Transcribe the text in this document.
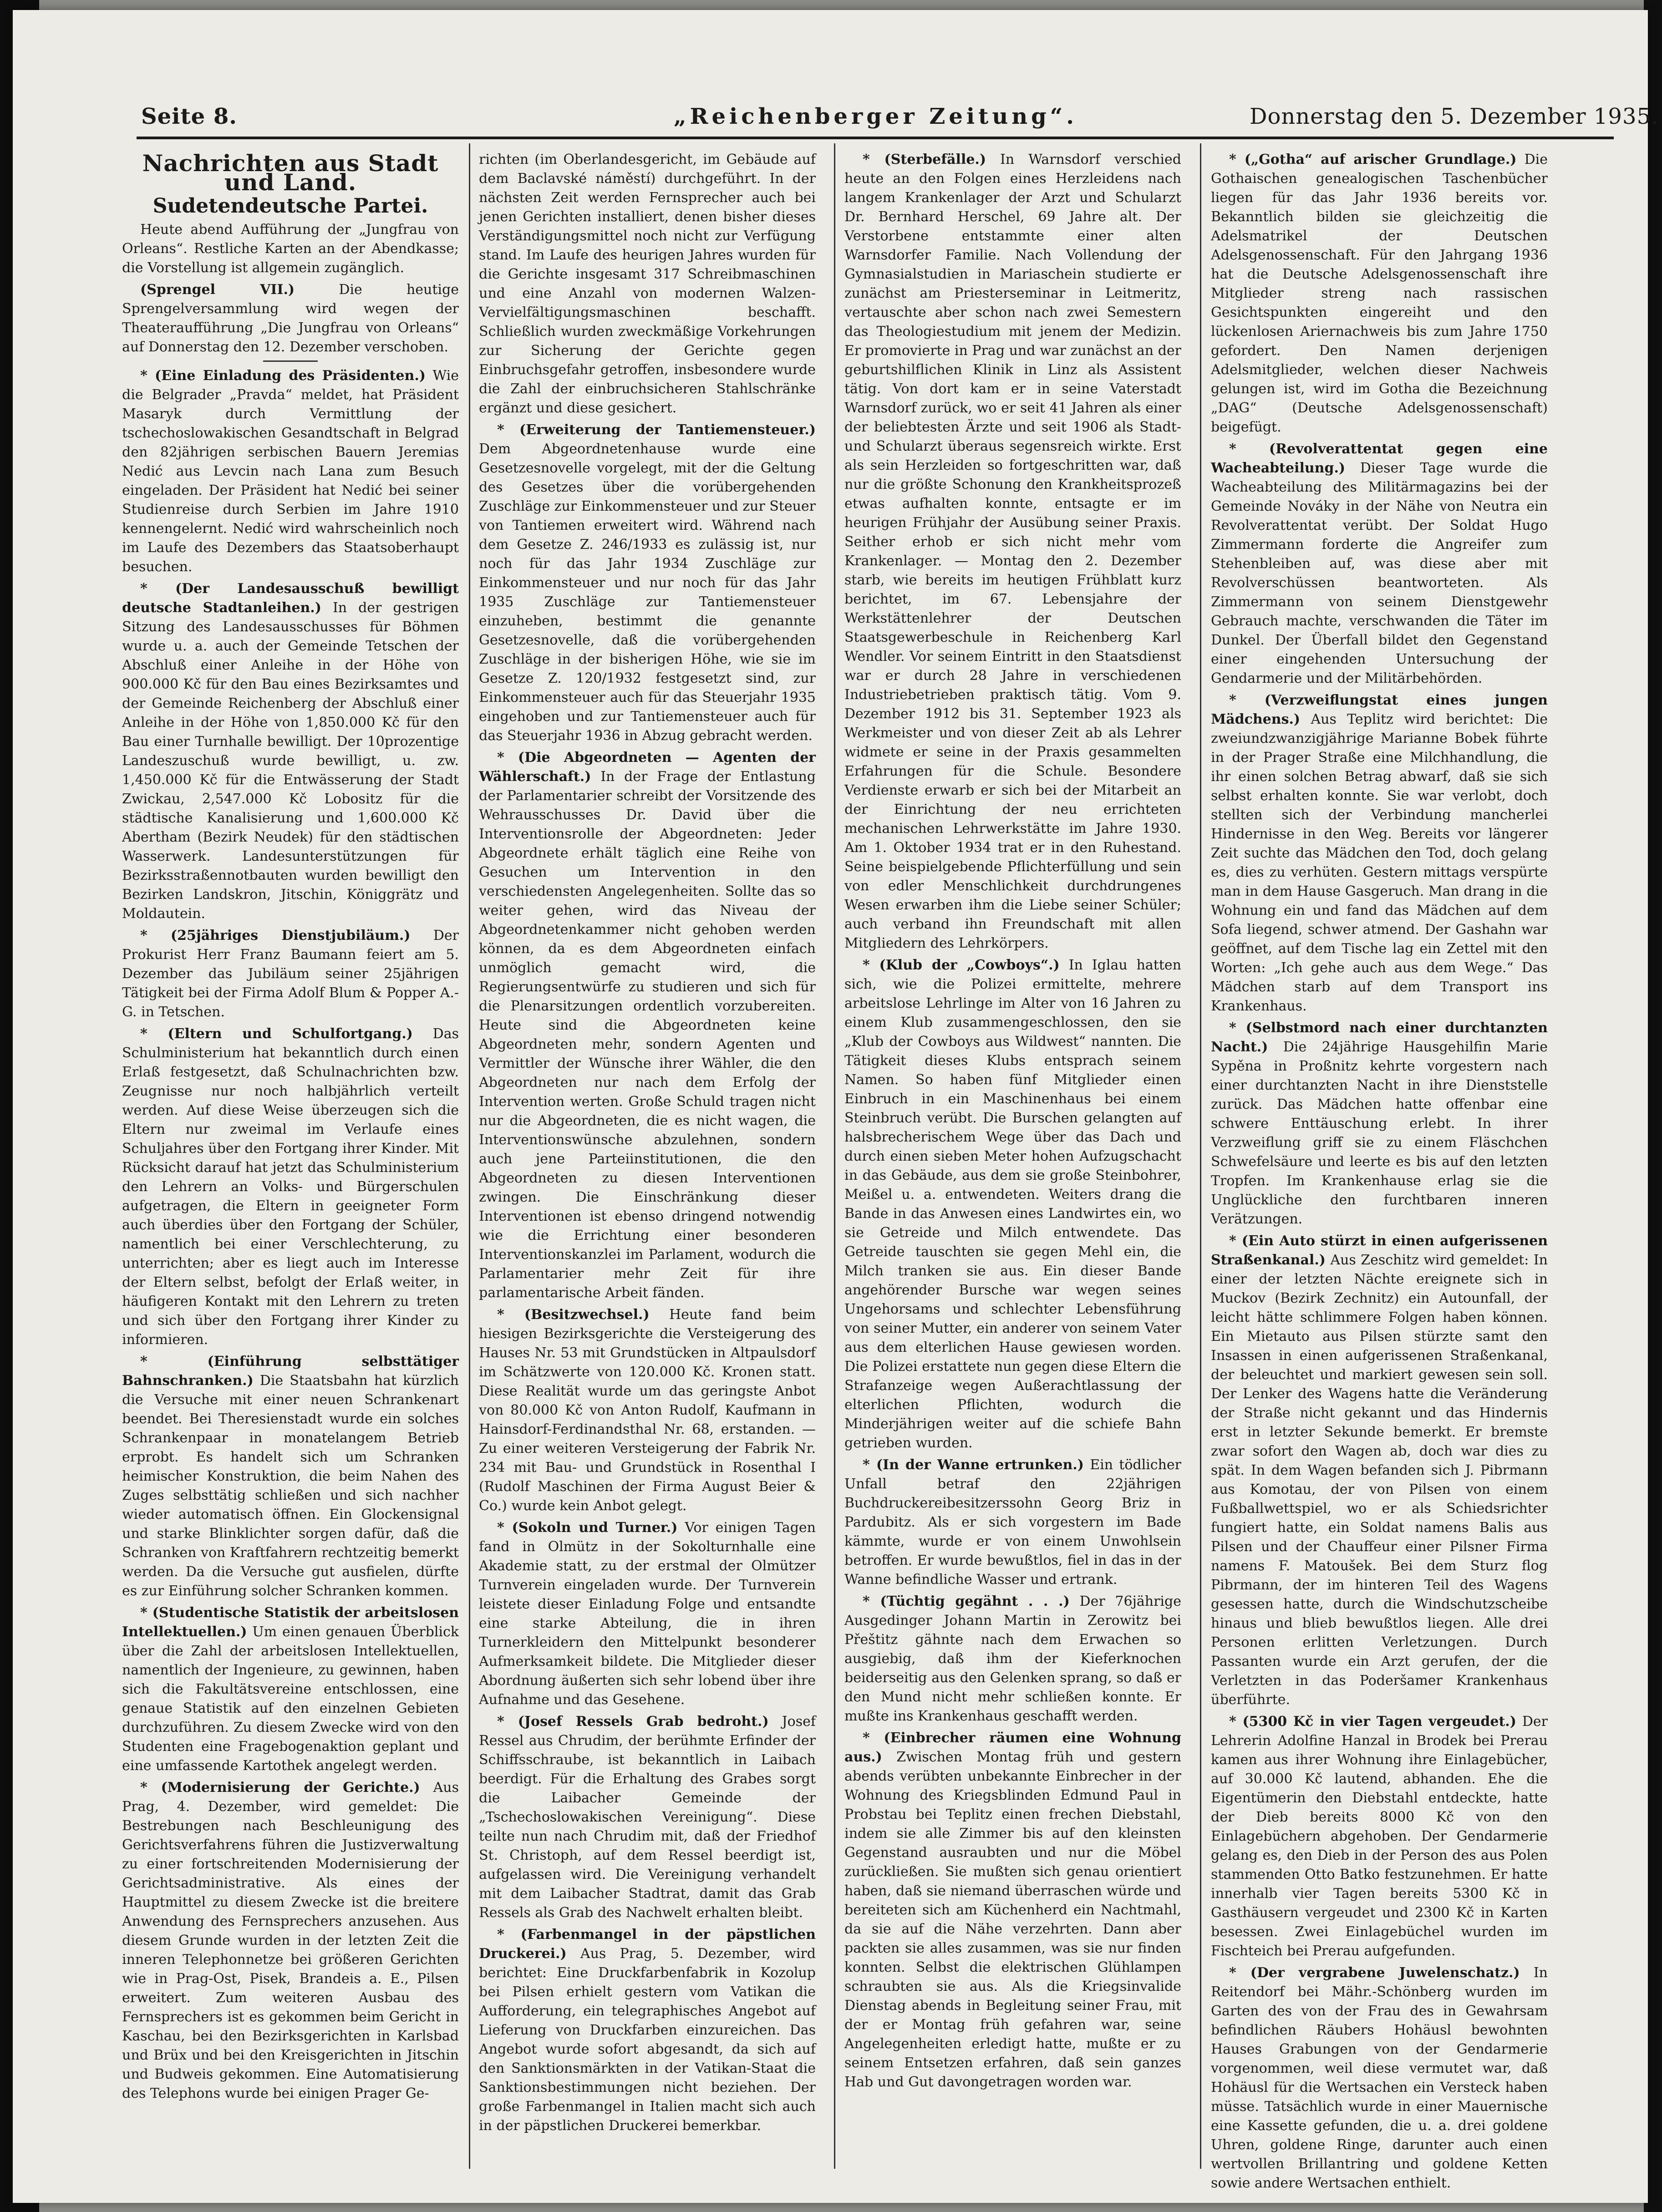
Seite 8.	„Reichenberger Zeitung“.	Donnerstag den 5. Dezember 1935.
Nachrichten aus Stadt und Land.
Sudetendeutsche Partei.

Heute abend Aufführung der „Jungfrau von Orleans“. Restliche Karten an der Abendkasse; die Vorstellung ist allgemein zugänglich.

(Sprengel VII.)	Die heutige Sprengelversammlung wird wegen der Theateraufführung „Die Jungfrau von Orleans“ auf Donnerstag den 12. Dezember verschoben.

* (Eine Einladung des Präsidenten.) Wie die Belgrader „Pravda“ meldet, hat Präsident Masaryk durch Vermittlung der tschechoslowakischen Gesandtschaft in Belgrad den 82jährigen serbischen Bauern Jeremias Nedić aus Levcin nach Lana zum Besuch eingeladen. Der Präsident hat Nedić bei seiner Studienreise durch Serbien im Jahre 1910 kennengelernt. Nedić wird wahrscheinlich noch im Laufe des Dezembers das Staatsoberhaupt besuchen.

* (Der Landesausschuß bewilligt deutsche Stadtanleihen.) In der gestrigen Sitzung des Landesausschusses für Böhmen wurde u. a. auch der Gemeinde Tetschen der Abschluß einer Anleihe in der Höhe von 900.000 Kč für den Bau eines Bezirksamtes und der Gemeinde Reichenberg der Abschluß einer Anleihe in der Höhe von 1,850.000 Kč für den Bau einer Turnhalle bewilligt. Der 10prozentige Landeszuschuß wurde bewilligt, u. zw. 1,450.000 Kč für die Entwässerung der Stadt Zwickau, 2,547.000 Kč Lobositz für die städtische Kanalisierung und 1,600.000 Kč Abertham (Bezirk Neudek) für den städtischen Wasserwerk. Landesunterstützungen für Bezirksstraßennotbauten wurden bewilligt den Bezirken Landskron, Jitschin, Königgrätz und Moldautein.

* (25jähriges Dienstjubiläum.) Der Prokurist Herr Franz Baumann feiert am 5. Dezember das Jubiläum seiner 25jährigen Tätigkeit bei der Firma Adolf Blum & Popper A.-G. in Tetschen.

* (Eltern und Schulfortgang.) Das Schulministerium hat bekanntlich durch einen Erlaß festgesetzt, daß Schulnachrichten bzw. Zeugnisse nur noch halbjährlich verteilt werden. Auf diese Weise überzeugen sich die Eltern nur zweimal im Verlaufe eines Schuljahres über den Fortgang ihrer Kinder. Mit Rücksicht darauf hat jetzt das Schulministerium den Lehrern an Volks- und Bürgerschulen aufgetragen, die Eltern in geeigneter Form auch überdies über den Fortgang der Schüler, namentlich bei einer Verschlechterung, zu unterrichten; aber es liegt auch im Interesse der Eltern selbst, befolgt der Erlaß weiter, in häufigeren Kontakt mit den Lehrern zu treten und sich über den Fortgang ihrer Kinder zu informieren.

* (Einführung selbsttätiger Bahnschranken.) Die Staatsbahn hat kürzlich die Versuche mit einer neuen Schrankenart beendet. Bei Theresienstadt wurde ein solches Schrankenpaar in monatelangem Betrieb erprobt. Es handelt sich um Schranken heimischer Konstruktion, die beim Nahen des Zuges selbsttätig schließen und sich nachher wieder automatisch öffnen. Ein Glockensignal und starke Blinklichter sorgen dafür, daß die Schranken von Kraftfahrern rechtzeitig bemerkt werden. Da die Versuche gut ausfielen, dürfte es zur Einführung solcher Schranken kommen.

* (Studentische Statistik der arbeitslosen Intellektuellen.) Um einen genauen Überblick über die Zahl der arbeitslosen Intellektuellen, namentlich der Ingenieure, zu gewinnen, haben sich die Fakultätsvereine entschlossen, eine genaue Statistik auf den einzelnen Gebieten durchzuführen. Zu diesem Zwecke wird von den Studenten eine Fragebogenaktion geplant und eine umfassende Kartothek angelegt werden.

* (Modernisierung der Gerichte.) Aus Prag, 4. Dezember, wird gemeldet: Die Bestrebungen nach Beschleunigung des Gerichtsverfahrens führen die Justizverwaltung zu einer fortschreitenden Modernisierung der Gerichtsadministrative. Als eines der Hauptmittel zu diesem Zwecke ist die breitere Anwendung des Fernsprechers anzusehen. Aus diesem Grunde wurden in der letzten Zeit die inneren Telephonnetze bei größeren Gerichten wie in Prag-Ost, Pisek, Brandeis a. E., Pilsen erweitert. Zum weiteren Ausbau des Fernsprechers ist es gekommen beim Gericht in Kaschau, bei den Bezirksgerichten in Karlsbad und Brüx und bei den Kreisgerichten in Jitschin und Budweis gekommen. Eine Automatisierung des Telephons wurde bei einigen Prager Ge-

richten (im Oberlandesgericht, im Gebäude auf dem Baclavské náměstí) durchgeführt. In der nächsten Zeit werden Fernsprecher auch bei jenen Gerichten installiert, denen bisher dieses Verständigungsmittel noch nicht zur Verfügung stand. Im Laufe des heurigen Jahres wurden für die Gerichte insgesamt 317 Schreibmaschinen und eine Anzahl von modernen Walzen-Vervielfältigungsmaschinen beschafft. Schließlich wurden zweckmäßige Vorkehrungen zur Sicherung der Gerichte gegen Einbruchsgefahr getroffen, insbesondere wurde die Zahl der einbruchsicheren Stahlschränke ergänzt und diese gesichert.

* (Erweiterung der Tantiemensteuer.) Dem Abgeordnetenhause wurde eine Gesetzesnovelle vorgelegt, mit der die Geltung des Gesetzes über die vorübergehenden Zuschläge zur Einkommensteuer und zur Steuer von Tantiemen erweitert wird. Während nach dem Gesetze Z. 246/1933 es zulässig ist, nur noch für das Jahr 1934 Zuschläge zur Einkommensteuer und nur noch für das Jahr 1935 Zuschläge zur Tantiemensteuer einzuheben, bestimmt die genannte Gesetzesnovelle, daß die vorübergehenden Zuschläge in der bisherigen Höhe, wie sie im Gesetze Z. 120/1932 festgesetzt sind, zur Einkommensteuer auch für das Steuerjahr 1935 eingehoben und zur Tantiemensteuer auch für das Steuerjahr 1936 in Abzug gebracht werden.

* (Die Abgeordneten — Agenten der Wählerschaft.) In der Frage der Entlastung der Parlamentarier schreibt der Vorsitzende des Wehrausschusses Dr. David über die Interventionsrolle der Abgeordneten: Jeder Abgeordnete erhält täglich eine Reihe von Gesuchen um Intervention in den verschiedensten Angelegenheiten. Sollte das so weiter gehen, wird das Niveau der Abgeordnetenkammer nicht gehoben werden können, da es dem Abgeordneten einfach unmöglich gemacht wird, die Regierungsentwürfe zu studieren und sich für die Plenarsitzungen ordentlich vorzubereiten. Heute sind die Abgeordneten keine Abgeordneten mehr, sondern Agenten und Vermittler der Wünsche ihrer Wähler, die den Abgeordneten nur nach dem Erfolg der Intervention werten. Große Schuld tragen nicht nur die Abgeordneten, die es nicht wagen, die Interventionswünsche abzulehnen, sondern auch jene Parteiinstitutionen, die den Abgeordneten zu diesen Interventionen zwingen. Die Einschränkung dieser Interventionen ist ebenso dringend notwendig wie die Errichtung einer besonderen Interventionskanzlei im Parlament, wodurch die Parlamentarier mehr Zeit für ihre parlamentarische Arbeit fänden.

* (Besitzwechsel.) Heute fand beim hiesigen Bezirksgerichte die Versteigerung des Hauses Nr. 53 mit Grundstücken in Altpaulsdorf im Schätzwerte von 120.000 Kč. Kronen statt. Diese Realität wurde um das geringste Anbot von 80.000 Kč von Anton Rudolf, Kaufmann in Hainsdorf-Ferdinandsthal Nr. 68, erstanden. — Zu einer weiteren Versteigerung der Fabrik Nr. 234 mit Bau- und Grundstück in Rosenthal I (Rudolf Maschinen der Firma August Beier & Co.) wurde kein Anbot gelegt.

* (Sokoln und Turner.) Vor einigen Tagen fand in Olmütz in der Sokolturnhalle eine Akademie statt, zu der erstmal der Olmützer Turnverein eingeladen wurde. Der Turnverein leistete dieser Einladung Folge und entsandte eine starke Abteilung, die in ihren Turnerkleidern den Mittelpunkt besonderer Aufmerksamkeit bildete. Die Mitglieder dieser Abordnung äußerten sich sehr lobend über ihre Aufnahme und das Gesehene.

* (Josef Ressels Grab bedroht.) Josef Ressel aus Chrudim, der berühmte Erfinder der Schiffsschraube, ist bekanntlich in Laibach beerdigt. Für die Erhaltung des Grabes sorgt die Laibacher Gemeinde der „Tschechoslowakischen Vereinigung“. Diese teilte nun nach Chrudim mit, daß der Friedhof St. Christoph, auf dem Ressel beerdigt ist, aufgelassen wird. Die Vereinigung verhandelt mit dem Laibacher Stadtrat, damit das Grab Ressels als Grab des Nachwelt erhalten bleibt.

* (Farbenmangel in der päpstlichen Druckerei.) Aus Prag, 5. Dezember, wird berichtet: Eine Druckfarbenfabrik in Kozolup bei Pilsen erhielt gestern vom Vatikan die Aufforderung, ein telegraphisches Angebot auf Lieferung von Druckfarben einzureichen. Das Angebot wurde sofort abgesandt, da sich auf den Sanktionsmärkten in der Vatikan-Staat die Sanktionsbestimmungen nicht beziehen. Der große Farbenmangel in Italien macht sich auch in der päpstlichen Druckerei bemerkbar.

* (Sterbefälle.) In Warnsdorf verschied heute an den Folgen eines Herzleidens nach langem Krankenlager der Arzt und Schularzt Dr. Bernhard Herschel, 69 Jahre alt. Der Verstorbene entstammte einer alten Warnsdorfer Familie. Nach Vollendung der Gymnasialstudien in Mariaschein studierte er zunächst am Priesterseminar in Leitmeritz, vertauschte aber schon nach zwei Semestern das Theologiestudium mit jenem der Medizin. Er promovierte in Prag und war zunächst an der geburtshilflichen Klinik in Linz als Assistent tätig. Von dort kam er in seine Vaterstadt Warnsdorf zurück, wo er seit 41 Jahren als einer der beliebtesten Ärzte und seit 1906 als Stadt- und Schularzt überaus segensreich wirkte. Erst als sein Herzleiden so fortgeschritten war, daß nur die größte Schonung den Krankheitsprozeß etwas aufhalten konnte, entsagte er im heurigen Frühjahr der Ausübung seiner Praxis. Seither erhob er sich nicht mehr vom Krankenlager. — Montag den 2. Dezember starb, wie bereits im heutigen Frühblatt kurz berichtet, im 67. Lebensjahre der Werkstättenlehrer der Deutschen Staatsgewerbeschule in Reichenberg Karl Wendler. Vor seinem Eintritt in den Staatsdienst war er durch 28 Jahre in verschiedenen Industriebetrieben praktisch tätig. Vom 9. Dezember 1912 bis 31. September 1923 als Werkmeister und von dieser Zeit ab als Lehrer widmete er seine in der Praxis gesammelten Erfahrungen für die Schule. Besondere Verdienste erwarb er sich bei der Mitarbeit an der Einrichtung der neu errichteten mechanischen Lehrwerkstätte im Jahre 1930. Am 1. Oktober 1934 trat er in den Ruhestand. Seine beispielgebende Pflichterfüllung und sein von edler Menschlichkeit durchdrungenes Wesen erwarben ihm die Liebe seiner Schüler; auch verband ihn Freundschaft mit allen Mitgliedern des Lehrkörpers.

* (Klub der „Cowboys“.) In Iglau hatten sich, wie die Polizei ermittelte, mehrere arbeitslose Lehrlinge im Alter von 16 Jahren zu einem Klub zusammengeschlossen, den sie „Klub der Cowboys aus Wildwest“ nannten. Die Tätigkeit dieses Klubs entsprach seinem Namen. So haben fünf Mitglieder einen Einbruch in ein Maschinenhaus bei einem Steinbruch verübt. Die Burschen gelangten auf halsbrecherischem Wege über das Dach und durch einen sieben Meter hohen Aufzugschacht in das Gebäude, aus dem sie große Steinbohrer, Meißel u. a. entwendeten. Weiters drang die Bande in das Anwesen eines Landwirtes ein, wo sie Getreide und Milch entwendete. Das Getreide tauschten sie gegen Mehl ein, die Milch tranken sie aus. Ein dieser Bande angehörender Bursche war wegen seines Ungehorsams und schlechter Lebensführung von seiner Mutter, ein anderer von seinem Vater aus dem elterlichen Hause gewiesen worden. Die Polizei erstattete nun gegen diese Eltern die Strafanzeige wegen Außerachtlassung der elterlichen Pflichten, wodurch die Minderjährigen weiter auf die schiefe Bahn getrieben wurden.

* (In der Wanne ertrunken.) Ein tödlicher Unfall betraf den 22jährigen Buchdruckereibesitzerssohn Georg Briz in Pardubitz. Als er sich vorgestern im Bade kämmte, wurde er von einem Unwohlsein betroffen. Er wurde bewußtlos, fiel in das in der Wanne befindliche Wasser und ertrank.

* (Tüchtig gegähnt . . .) Der 76jährige Ausgedinger Johann Martin in Zerowitz bei Přeštitz gähnte nach dem Erwachen so ausgiebig, daß ihm der Kieferknochen beiderseitig aus den Gelenken sprang, so daß er den Mund nicht mehr schließen konnte. Er mußte ins Krankenhaus geschafft werden.

* (Einbrecher räumen eine Wohnung aus.) Zwischen Montag früh und gestern abends verübten unbekannte Einbrecher in der Wohnung des Kriegsblinden Edmund Paul in Probstau bei Teplitz einen frechen Diebstahl, indem sie alle Zimmer bis auf den kleinsten Gegenstand ausraubten und nur die Möbel zurückließen. Sie mußten sich genau orientiert haben, daß sie niemand überraschen würde und bereiteten sich am Küchenherd ein Nachtmahl, da sie auf die Nähe verzehrten. Dann aber packten sie alles zusammen, was sie nur finden konnten. Selbst die elektrischen Glühlampen schraubten sie aus. Als die Kriegsinvalide Dienstag abends in Begleitung seiner Frau, mit der er Montag früh gefahren war, seine Angelegenheiten erledigt hatte, mußte er zu seinem Entsetzen erfahren, daß sein ganzes Hab und Gut davongetragen worden war.

* („Gotha“ auf arischer Grundlage.) Die Gothaischen genealogischen Taschenbücher liegen für das Jahr 1936 bereits vor. Bekanntlich bilden sie gleichzeitig die Adelsmatrikel der Deutschen Adelsgenossenschaft. Für den Jahrgang 1936 hat die Deutsche Adelsgenossenschaft ihre Mitglieder streng nach rassischen Gesichtspunkten eingereiht und den lückenlosen Ariernachweis bis zum Jahre 1750 gefordert. Den Namen derjenigen Adelsmitglieder, welchen dieser Nachweis gelungen ist, wird im Gotha die Bezeichnung „DAG“ (Deutsche Adelsgenossenschaft) beigefügt.

* (Revolverattentat gegen eine Wacheabteilung.) Dieser Tage wurde die Wacheabteilung des Militärmagazins bei der Gemeinde Nováky in der Nähe von Neutra ein Revolverattentat verübt. Der Soldat Hugo Zimmermann forderte die Angreifer zum Stehenbleiben auf, was diese aber mit Revolverschüssen beantworteten. Als Zimmermann von seinem Dienstgewehr Gebrauch machte, verschwanden die Täter im Dunkel. Der Überfall bildet den Gegenstand einer eingehenden Untersuchung der Gendarmerie und der Militärbehörden.

* (Verzweiflungstat eines jungen Mädchens.) Aus Teplitz wird berichtet: Die zweiundzwanzigjährige Marianne Bobek führte in der Prager Straße eine Milchhandlung, die ihr einen solchen Betrag abwarf, daß sie sich selbst erhalten konnte. Sie war verlobt, doch stellten sich der Verbindung mancherlei Hindernisse in den Weg. Bereits vor längerer Zeit suchte das Mädchen den Tod, doch gelang es, dies zu verhüten. Gestern mittags verspürte man in dem Hause Gasgeruch. Man drang in die Wohnung ein und fand das Mädchen auf dem Sofa liegend, schwer atmend. Der Gashahn war geöffnet, auf dem Tische lag ein Zettel mit den Worten: „Ich gehe auch aus dem Wege.“ Das Mädchen starb auf dem Transport ins Krankenhaus.

* (Selbstmord nach einer durchtanzten Nacht.) Die 24jährige Hausgehilfin Marie Sypěna in Proßnitz kehrte vorgestern nach einer durchtanzten Nacht in ihre Dienststelle zurück. Das Mädchen hatte offenbar eine schwere Enttäuschung erlebt. In ihrer Verzweiflung griff sie zu einem Fläschchen Schwefelsäure und leerte es bis auf den letzten Tropfen. Im Krankenhause erlag sie die Unglückliche den furchtbaren inneren Verätzungen.

* (Ein Auto stürzt in einen aufgerissenen Straßenkanal.) Aus Zeschitz wird gemeldet: In einer der letzten Nächte ereignete sich in Muckov (Bezirk Zechnitz) ein Autounfall, der leicht hätte schlimmere Folgen haben können. Ein Mietauto aus Pilsen stürzte samt den Insassen in einen aufgerissenen Straßenkanal, der beleuchtet und markiert gewesen sein soll. Der Lenker des Wagens hatte die Veränderung der Straße nicht gekannt und das Hindernis erst in letzter Sekunde bemerkt. Er bremste zwar sofort den Wagen ab, doch war dies zu spät. In dem Wagen befanden sich J. Pibrmann aus Komotau, der von Pilsen von einem Fußballwettspiel, wo er als Schiedsrichter fungiert hatte, ein Soldat namens Balis aus Pilsen und der Chauffeur einer Pilsner Firma namens F. Matoušek. Bei dem Sturz flog Pibrmann, der im hinteren Teil des Wagens gesessen hatte, durch die Windschutzscheibe hinaus und blieb bewußtlos liegen. Alle drei Personen erlitten Verletzungen. Durch Passanten wurde ein Arzt gerufen, der die Verletzten in das Poderšamer Krankenhaus überführte.

* (5300 Kč in vier Tagen vergeudet.) Der Lehrerin Adolfine Hanzal in Brodek bei Prerau kamen aus ihrer Wohnung ihre Einlagebücher, auf 30.000 Kč lautend, abhanden. Ehe die Eigentümerin den Diebstahl entdeckte, hatte der Dieb bereits 8000 Kč von den Einlagebüchern abgehoben. Der Gendarmerie gelang es, den Dieb in der Person des aus Polen stammenden Otto Batko festzunehmen. Er hatte innerhalb vier Tagen bereits 5300 Kč in Gasthäusern vergeudet und 2300 Kč in Karten besessen. Zwei Einlagebüchel wurden im Fischteich bei Prerau aufgefunden.

* (Der vergrabene Juwelenschatz.) In Reitendorf bei Mähr.-Schönberg wurden im Garten des von der Frau des in Gewahrsam befindlichen Räubers Hohäusl bewohnten Hauses Grabungen von der Gendarmerie vorgenommen, weil diese vermutet war, daß Hohäusl für die Wertsachen ein Versteck haben müsse. Tatsächlich wurde in einer Mauernische eine Kassette gefunden, die u. a. drei goldene Uhren, goldene Ringe, darunter auch einen wertvollen Brillantring und goldene Ketten sowie andere Wertsachen enthielt.
